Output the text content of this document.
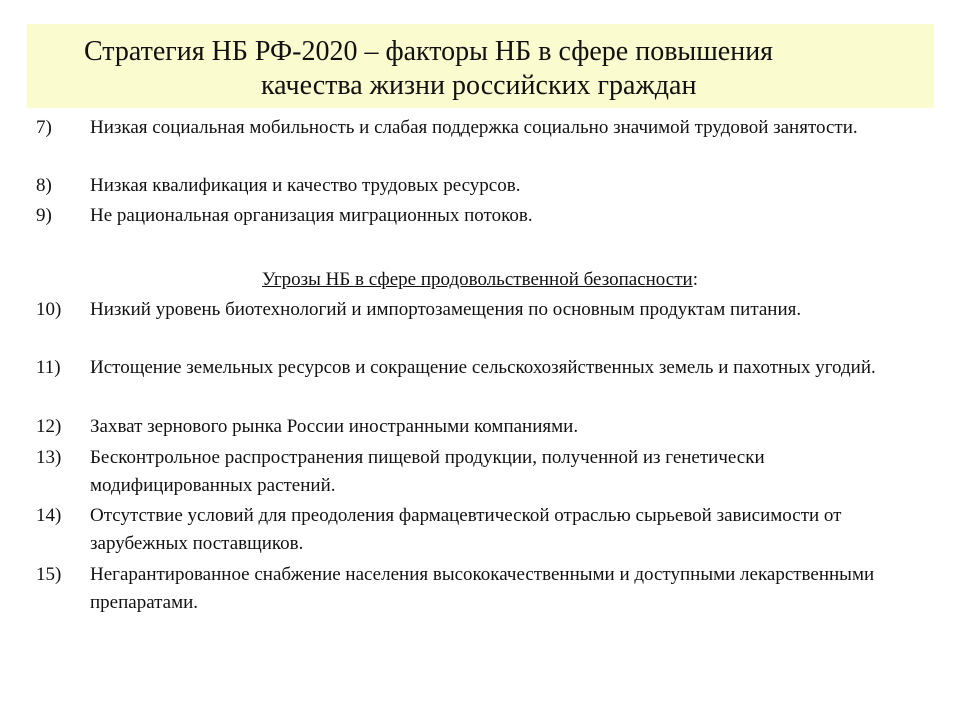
Стратегия НБ РФ-2020 – факторы НБ в сфере повышения
качества жизни российских граждан
7) Низкая социальная мобильность и слабая поддержка социально значимой трудовой занятости.
8) Низкая квалификация и качество трудовых ресурсов.
9) Не рациональная организация миграционных потоков.
Угрозы НБ в сфере продовольственной безопасности:
10) Низкий уровень биотехнологий и импортозамещения по основным продуктам питания.
11) Истощение земельных ресурсов и сокращение сельскохозяйственных земель и пахотных угодий.
12) Захват зернового рынка России иностранными компаниями.
13) Бесконтрольное распространения пищевой продукции, полученной из генетически модифицированных растений.
14) Отсутствие условий для преодоления фармацевтической отраслью сырьевой зависимости от зарубежных поставщиков.
15) Негарантированное снабжение населения высококачественными и доступными лекарственными препаратами.
